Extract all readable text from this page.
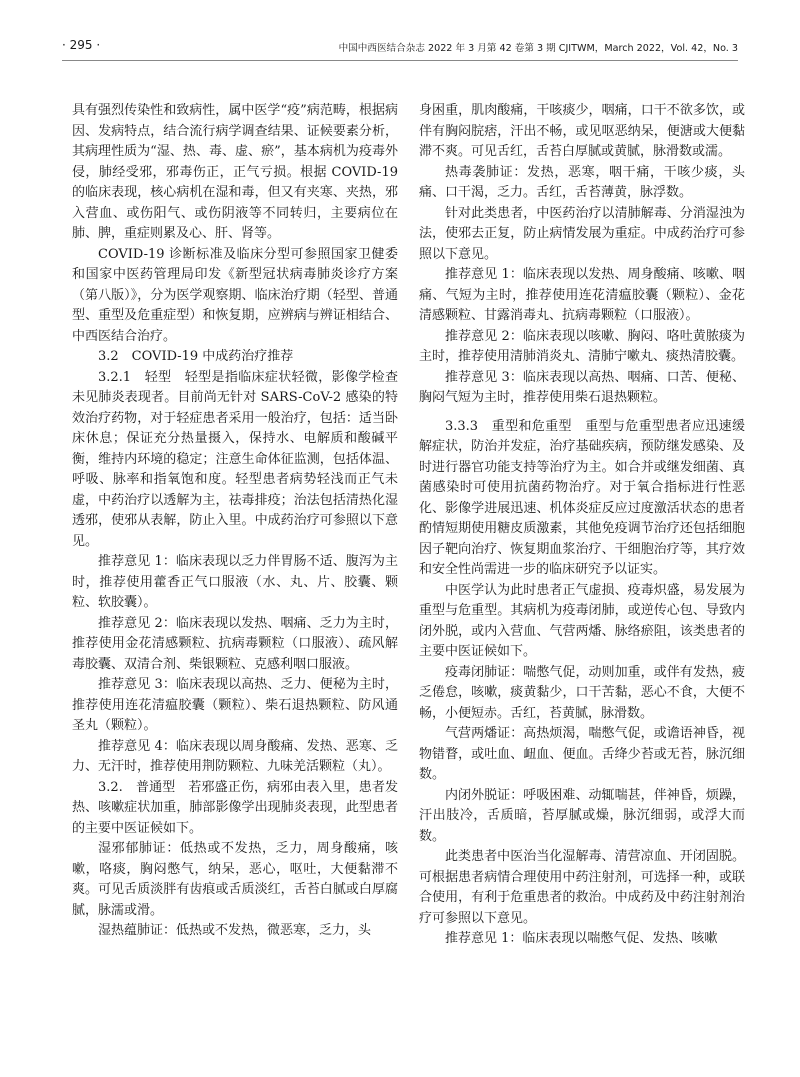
· 295 ·	中国中西医结合杂志 2022 年 3 月第 42 卷第 3 期 CJITWM，March 2022，Vol. 42，No. 3

具有强烈传染性和致病性，属中医学“疫”病范畴，根据病因、发病特点，结合流行病学调查结果、证候要素分析，其病理性质为“湿、热、毒、虚、瘀”，基本病机为疫毒外侵，肺经受邪，邪毒伤正，正气亏损。根据 COVID-19 的临床表现，核心病机在湿和毒，但又有夹寒、夹热，邪入营血、或伤阳气、或伤阴液等不同转归，主要病位在肺、脾，重症则累及心、肝、肾等。

COVID-19 诊断标准及临床分型可参照国家卫健委和国家中医药管理局印发《新型冠状病毒肺炎诊疗方案（第八版）》，分为医学观察期、临床治疗期（轻型、普通型、重型及危重症型）和恢复期，应辨病与辨证相结合、中西医结合治疗。

3.2　COVID-19 中成药治疗推荐

3.2.1　轻型　轻型是指临床症状轻微，影像学检查未见肺炎表现者。目前尚无针对 SARS-CoV-2 感染的特效治疗药物，对于轻症患者采用一般治疗，包括：适当卧床休息；保证充分热量摄入，保持水、电解质和酸碱平衡，维持内环境的稳定；注意生命体征监测，包括体温、呼吸、脉率和指氧饱和度。轻型患者病势轻浅而正气未虚，中药治疗以透解为主，祛毒排疫；治法包括清热化湿透邪，使邪从表解，防止入里。中成药治疗可参照以下意见。

推荐意见 1：临床表现以乏力伴胃肠不适、腹泻为主时，推荐使用藿香正气口服液（水、丸、片、胶囊、颗粒、软胶囊）。

推荐意见 2：临床表现以发热、咽痛、乏力为主时，推荐使用金花清感颗粒、抗病毒颗粒（口服液）、疏风解毒胶囊、双清合剂、柴银颗粒、克感利咽口服液。

推荐意见 3：临床表现以高热、乏力、便秘为主时，推荐使用连花清瘟胶囊（颗粒）、柴石退热颗粒、防风通圣丸（颗粒）。

推荐意见 4：临床表现以周身酸痛、发热、恶寒、乏力、无汗时，推荐使用荆防颗粒、九味羌活颗粒（丸）。

3.2.　普通型　若邪盛正伤，病邪由表入里，患者发热、咳嗽症状加重，肺部影像学出现肺炎表现，此型患者的主要中医证候如下。

湿邪郁肺证：低热或不发热，乏力，周身酸痛，咳嗽，咯痰，胸闷憋气，纳呆，恶心，呕吐，大便黏滞不爽。可见舌质淡胖有齿痕或舌质淡红，舌苔白腻或白厚腐腻，脉濡或滑。

湿热蕴肺证：低热或不发热，微恶寒，乏力，头

身困重，肌肉酸痛，干咳痰少，咽痛，口干不欲多饮，或伴有胸闷脘痞，汗出不畅，或见呕恶纳呆，便溏或大便黏滞不爽。可见舌红，舌苔白厚腻或黄腻，脉滑数或濡。

热毒袭肺证：发热，恶寒，咽干痛，干咳少痰，头痛、口干渴，乏力。舌红，舌苔薄黄，脉浮数。

针对此类患者，中医药治疗以清肺解毒、分消湿浊为法，使邪去正复，防止病情发展为重症。中成药治疗可参照以下意见。

推荐意见 1：临床表现以发热、周身酸痛、咳嗽、咽痛、气短为主时，推荐使用连花清瘟胶囊（颗粒）、金花清感颗粒、甘露消毒丸、抗病毒颗粒（口服液）。

推荐意见 2：临床表现以咳嗽、胸闷、咯吐黄脓痰为主时，推荐使用清肺消炎丸、清肺宁嗽丸、痰热清胶囊。

推荐意见 3：临床表现以高热、咽痛、口苦、便秘、胸闷气短为主时，推荐使用柴石退热颗粒。

3.3.3　重型和危重型　重型与危重型患者应迅速缓解症状，防治并发症，治疗基础疾病，预防继发感染、及时进行器官功能支持等治疗为主。如合并或继发细菌、真菌感染时可使用抗菌药物治疗。对于氧合指标进行性恶化、影像学进展迅速、机体炎症反应过度激活状态的患者酌情短期使用糖皮质激素，其他免疫调节治疗还包括细胞因子靶向治疗、恢复期血浆治疗、干细胞治疗等，其疗效和安全性尚需进一步的临床研究予以证实。

中医学认为此时患者正气虚损、疫毒炽盛，易发展为重型与危重型。其病机为疫毒闭肺，或逆传心包、导致内闭外脱，或内入营血、气营两燔、脉络瘀阻，该类患者的主要中医证候如下。

疫毒闭肺证：喘憋气促，动则加重，或伴有发热，疲乏倦怠，咳嗽，痰黄黏少，口干苦黏，恶心不食，大便不畅，小便短赤。舌红，苔黄腻，脉滑数。

气营两燔证：高热烦渴，喘憋气促，或谵语神昏，视物错瞀，或吐血、衄血、便血。舌绛少苔或无苔，脉沉细数。

内闭外脱证：呼吸困难、动辄喘甚，伴神昏，烦躁，汗出肢冷，舌质暗，苔厚腻或燥，脉沉细弱，或浮大而数。

此类患者中医治当化湿解毒、清营凉血、开闭固脱。可根据患者病情合理使用中药注射剂，可选择一种，或联合使用，有利于危重患者的救治。中成药及中药注射剂治疗可参照以下意见。

推荐意见 1：临床表现以喘憋气促、发热、咳嗽
